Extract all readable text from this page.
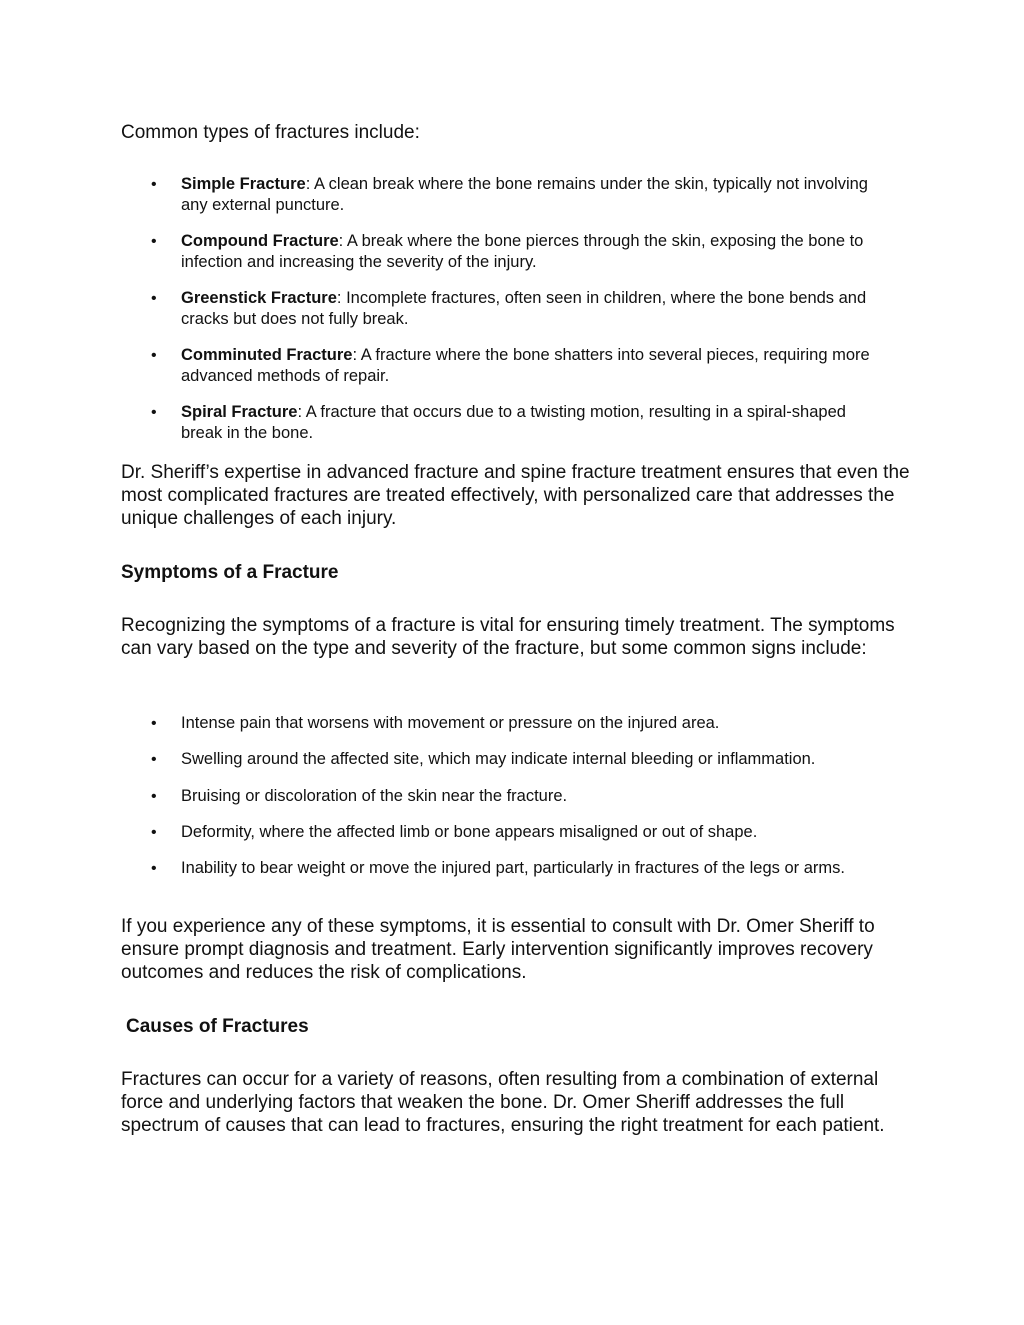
Common types of fractures include:

• Simple Fracture: A clean break where the bone remains under the skin, typically not involving any external puncture.
• Compound Fracture: A break where the bone pierces through the skin, exposing the bone to infection and increasing the severity of the injury.
• Greenstick Fracture: Incomplete fractures, often seen in children, where the bone bends and cracks but does not fully break.
• Comminuted Fracture: A fracture where the bone shatters into several pieces, requiring more advanced methods of repair.
• Spiral Fracture: A fracture that occurs due to a twisting motion, resulting in a spiral-shaped break in the bone.

Dr. Sheriff’s expertise in advanced fracture and spine fracture treatment ensures that even the most complicated fractures are treated effectively, with personalized care that addresses the unique challenges of each injury.

Symptoms of a Fracture

Recognizing the symptoms of a fracture is vital for ensuring timely treatment. The symptoms can vary based on the type and severity of the fracture, but some common signs include:

• Intense pain that worsens with movement or pressure on the injured area.
• Swelling around the affected site, which may indicate internal bleeding or inflammation.
• Bruising or discoloration of the skin near the fracture.
• Deformity, where the affected limb or bone appears misaligned or out of shape.
• Inability to bear weight or move the injured part, particularly in fractures of the legs or arms.

If you experience any of these symptoms, it is essential to consult with Dr. Omer Sheriff to ensure prompt diagnosis and treatment. Early intervention significantly improves recovery outcomes and reduces the risk of complications.

Causes of Fractures

Fractures can occur for a variety of reasons, often resulting from a combination of external force and underlying factors that weaken the bone. Dr. Omer Sheriff addresses the full spectrum of causes that can lead to fractures, ensuring the right treatment for each patient.
